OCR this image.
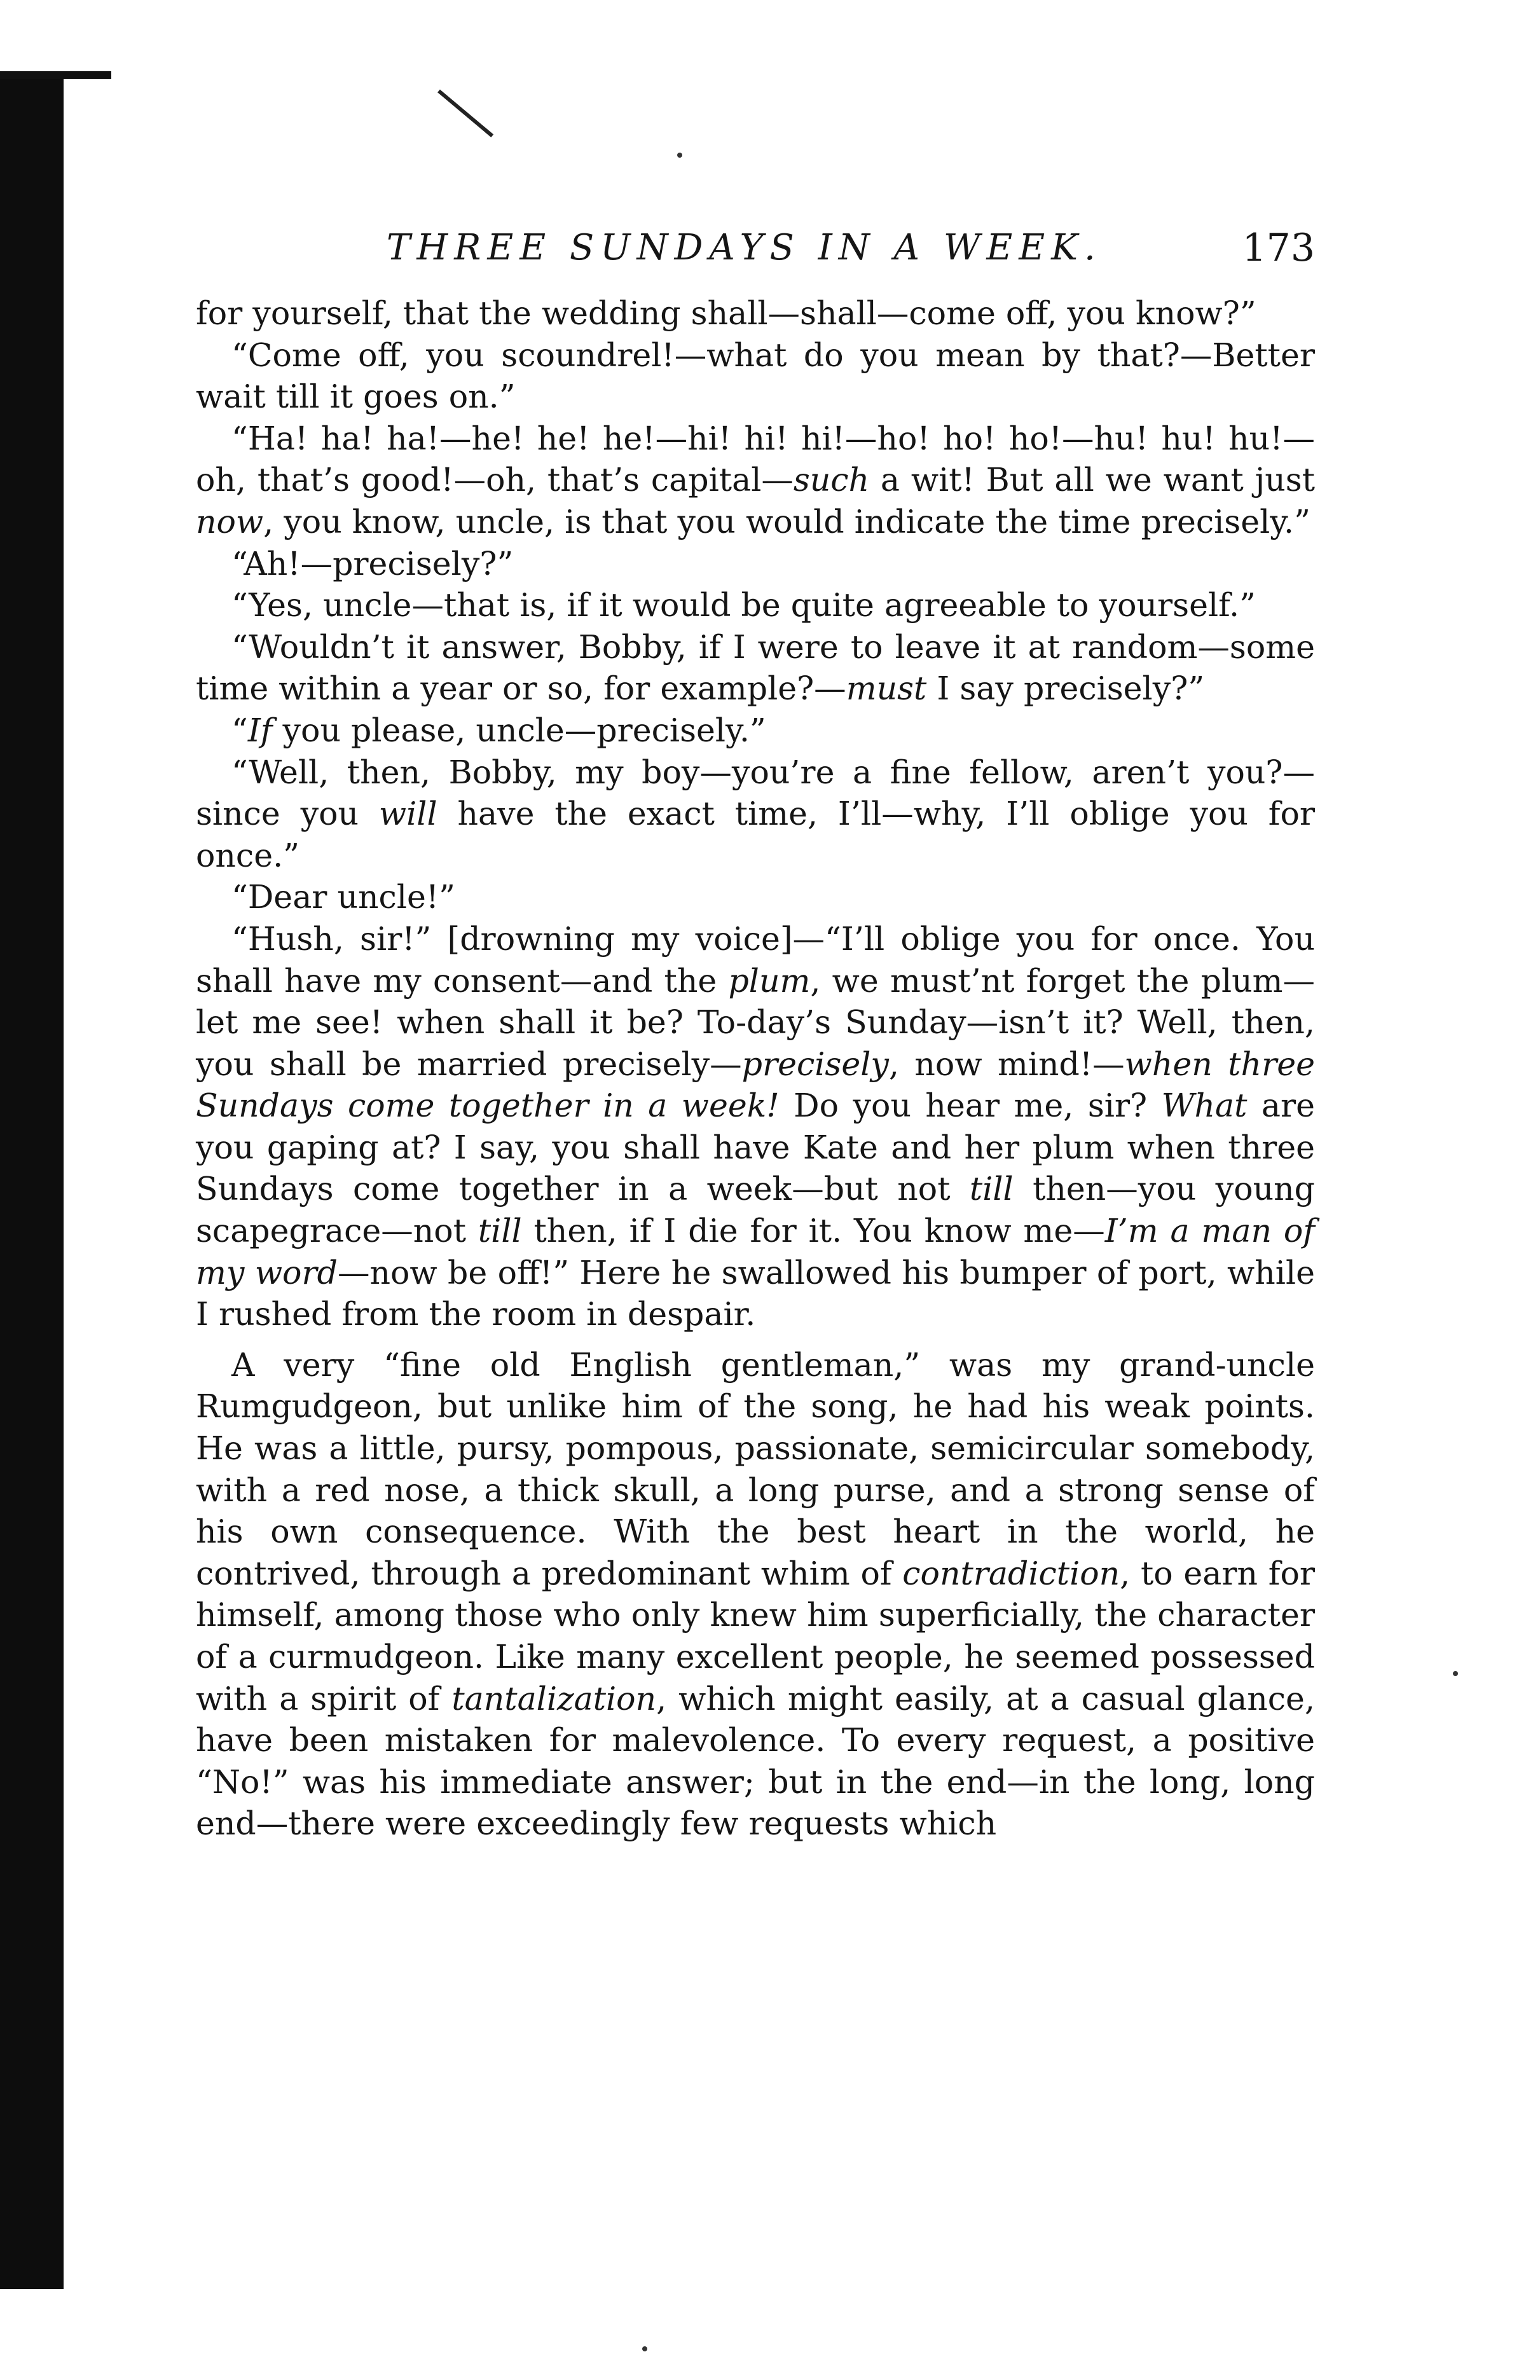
THREE SUNDAYS IN A WEEK.	173

for yourself, that the wedding shall—shall—come off, you know?”

“Come off, you scoundrel!—what do you mean by that?—Better wait till it goes on.”

“Ha! ha! ha!—he! he! he!—hi! hi! hi!—ho! ho! ho!—hu! hu! hu!—oh, that’s good!—oh, that’s capital—such a wit! But all we want just now, you know, uncle, is that you would indicate the time precisely.”

“Ah!—precisely?”

“Yes, uncle—that is, if it would be quite agreeable to yourself.”

“Wouldn’t it answer, Bobby, if I were to leave it at random—some time within a year or so, for example?—must I say precisely?”

“If you please, uncle—precisely.”

“Well, then, Bobby, my boy—you’re a fine fellow, aren’t you?—since you will have the exact time, I’ll—why, I’ll oblige you for once.”

“Dear uncle!”

“Hush, sir!” [drowning my voice]—“I’ll oblige you for once. You shall have my consent—and the plum, we must’nt forget the plum—let me see! when shall it be? To-day’s Sunday—isn’t it? Well, then, you shall be married precisely—precisely, now mind!—when three Sundays come together in a week! Do you hear me, sir? What are you gaping at? I say, you shall have Kate and her plum when three Sundays come together in a week—but not till then—you young scapegrace—not till then, if I die for it. You know me—I’m a man of my word—now be off!” Here he swallowed his bumper of port, while I rushed from the room in despair.

A very “fine old English gentleman,” was my grand-uncle Rumgudgeon, but unlike him of the song, he had his weak points. He was a little, pursy, pompous, passionate, semicircular somebody, with a red nose, a thick skull, a long purse, and a strong sense of his own consequence. With the best heart in the world, he contrived, through a predominant whim of contradiction, to earn for himself, among those who only knew him superficially, the character of a curmudgeon. Like many excellent people, he seemed possessed with a spirit of tantalization, which might easily, at a casual glance, have been mistaken for malevolence. To every request, a positive “No!” was his immediate answer; but in the end—in the long, long end—there were exceedingly few requests which
